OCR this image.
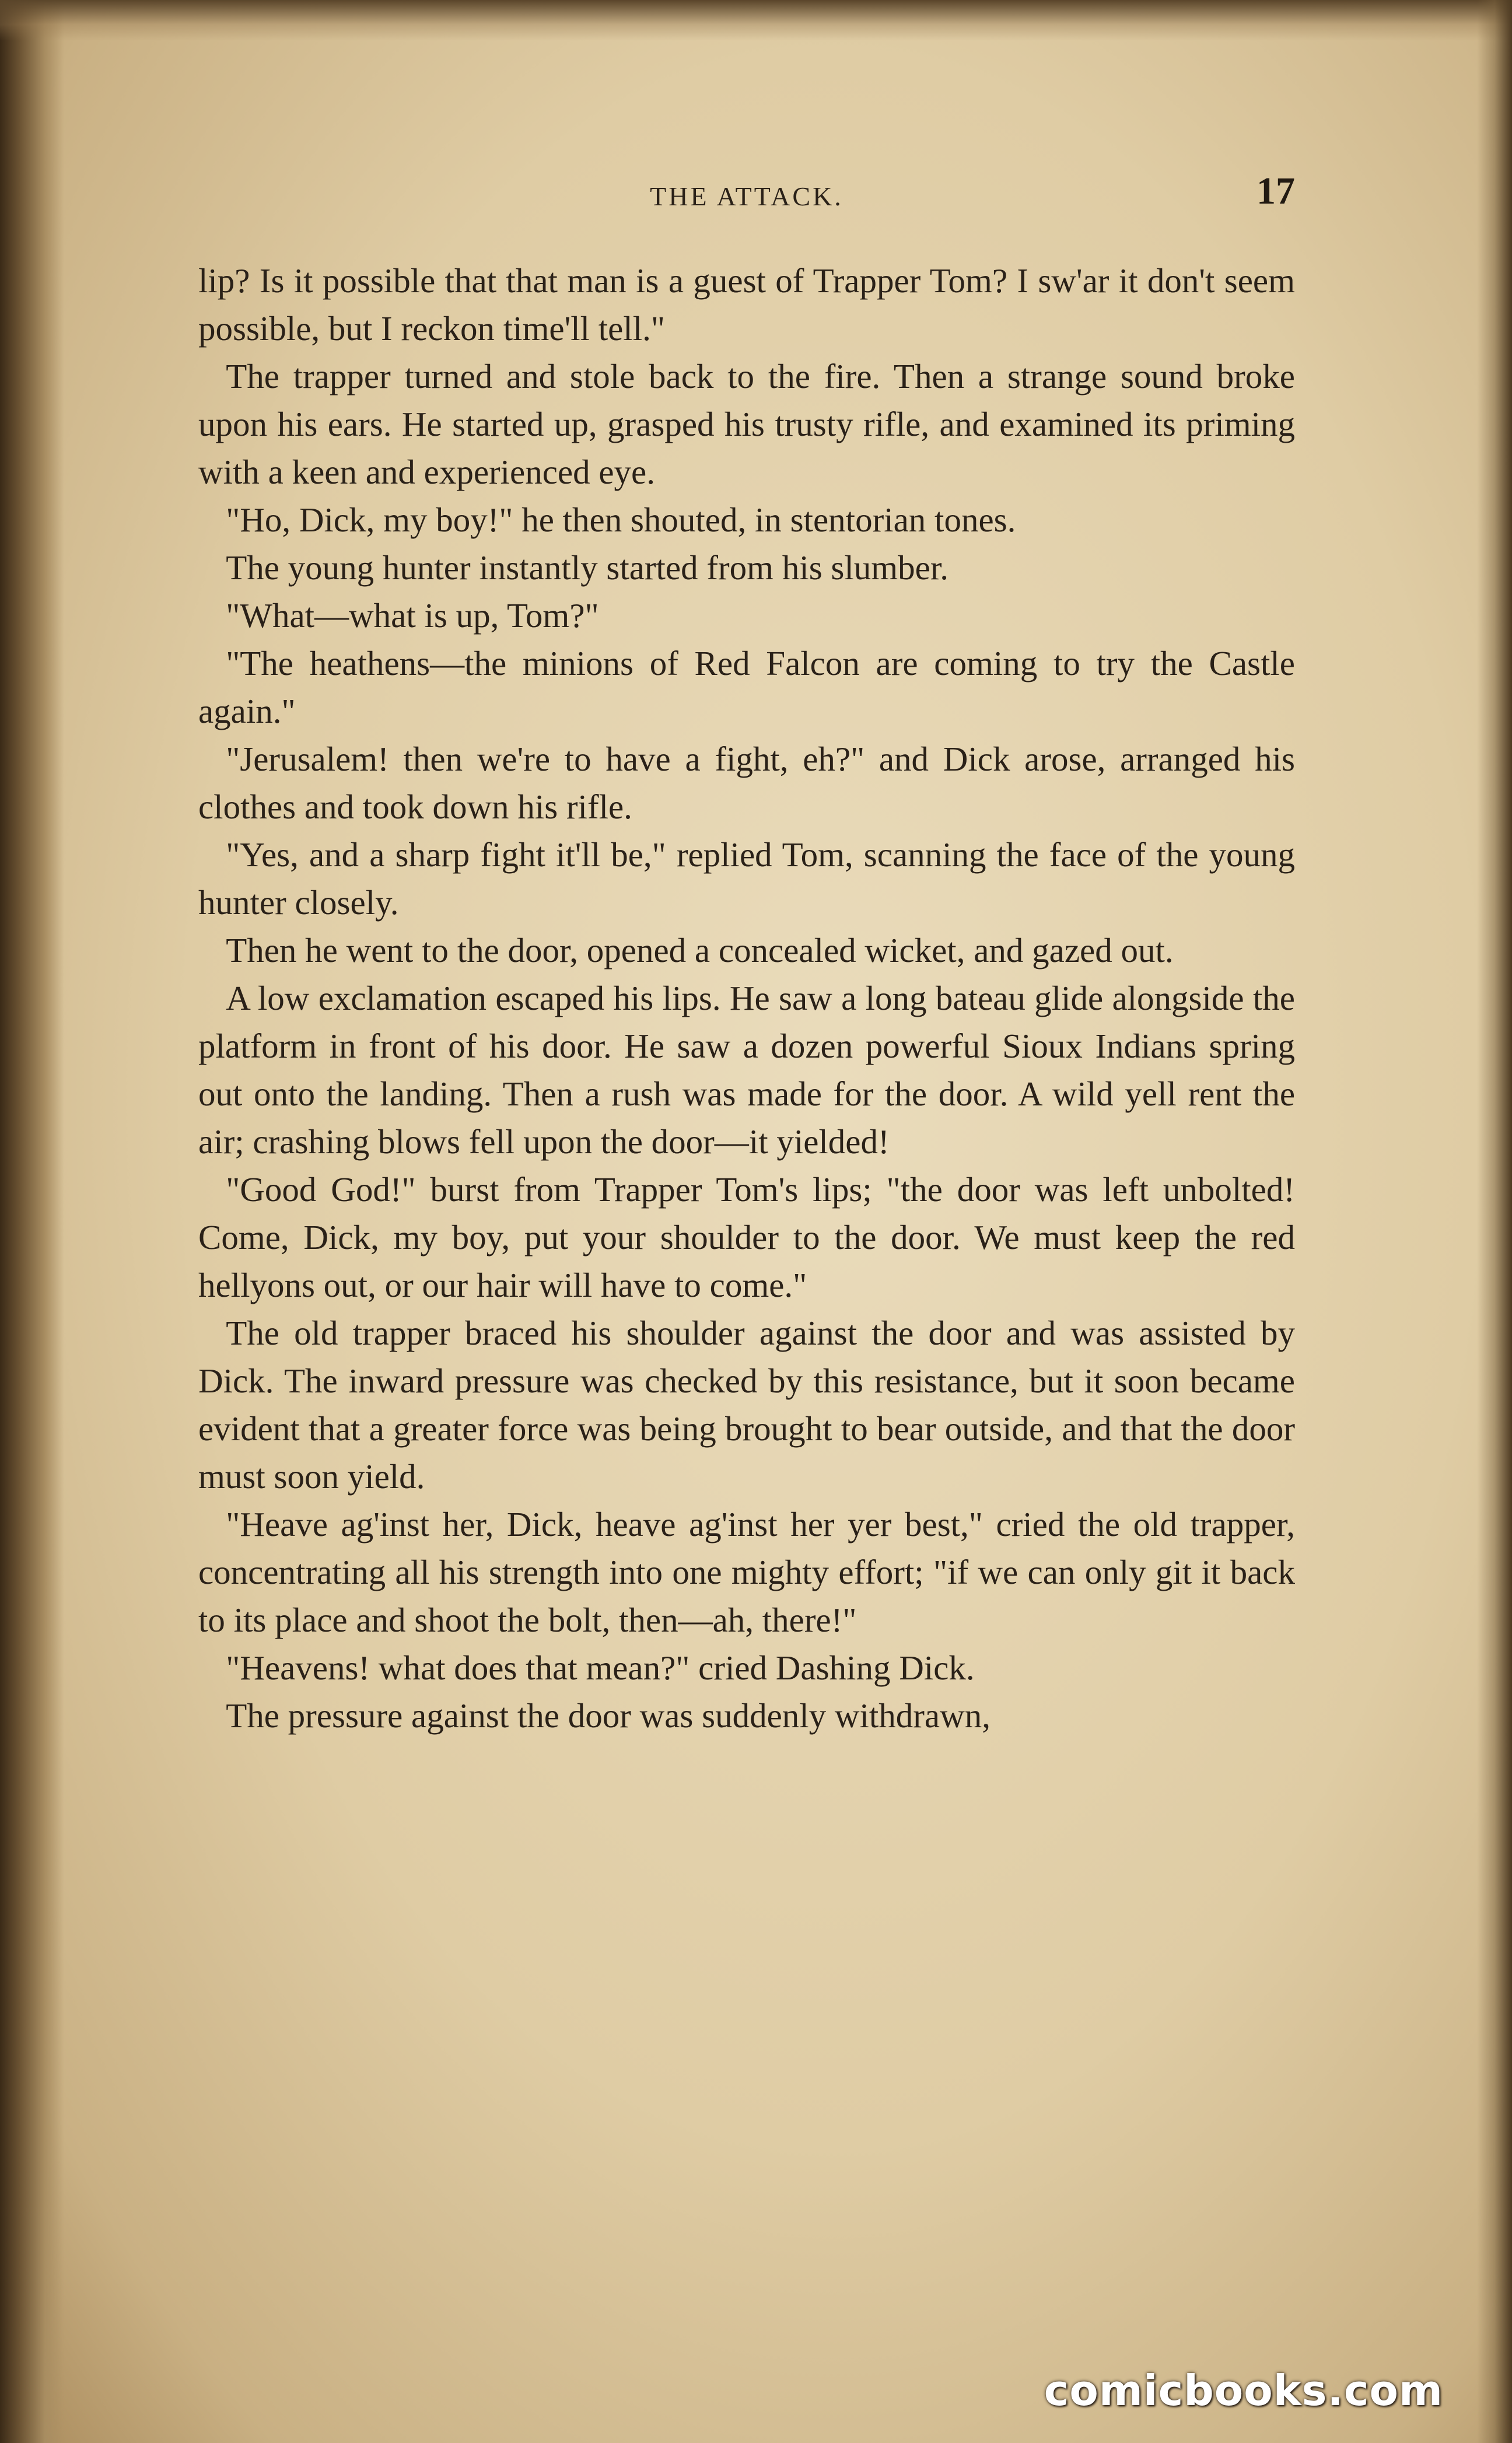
THE ATTACK.	17

lip? Is it possible that that man is a guest of Trapper Tom? I sw'ar it don't seem possible, but I reckon time'll tell."

The trapper turned and stole back to the fire. Then a strange sound broke upon his ears. He started up, grasped his trusty rifle, and examined its priming with a keen and experienced eye.

"Ho, Dick, my boy!" he then shouted, in stentorian tones.

The young hunter instantly started from his slumber.

"What—what is up, Tom?"

"The heathens—the minions of Red Falcon are coming to try the Castle again."

"Jerusalem! then we're to have a fight, eh?" and Dick arose, arranged his clothes and took down his rifle.

"Yes, and a sharp fight it'll be," replied Tom, scanning the face of the young hunter closely.

Then he went to the door, opened a concealed wicket, and gazed out.

A low exclamation escaped his lips. He saw a long bateau glide alongside the platform in front of his door. He saw a dozen powerful Sioux Indians spring out onto the landing. Then a rush was made for the door. A wild yell rent the air; crashing blows fell upon the door—it yielded!

"Good God!" burst from Trapper Tom's lips; "the door was left unbolted! Come, Dick, my boy, put your shoulder to the door. We must keep the red hellyons out, or our hair will have to come."

The old trapper braced his shoulder against the door and was assisted by Dick. The inward pressure was checked by this resistance, but it soon became evident that a greater force was being brought to bear outside, and that the door must soon yield.

"Heave ag'inst her, Dick, heave ag'inst her yer best," cried the old trapper, concentrating all his strength into one mighty effort; "if we can only git it back to its place and shoot the bolt, then—ah, there!"

"Heavens! what does that mean?" cried Dashing Dick.

The pressure against the door was suddenly withdrawn,

comicbooks.com
